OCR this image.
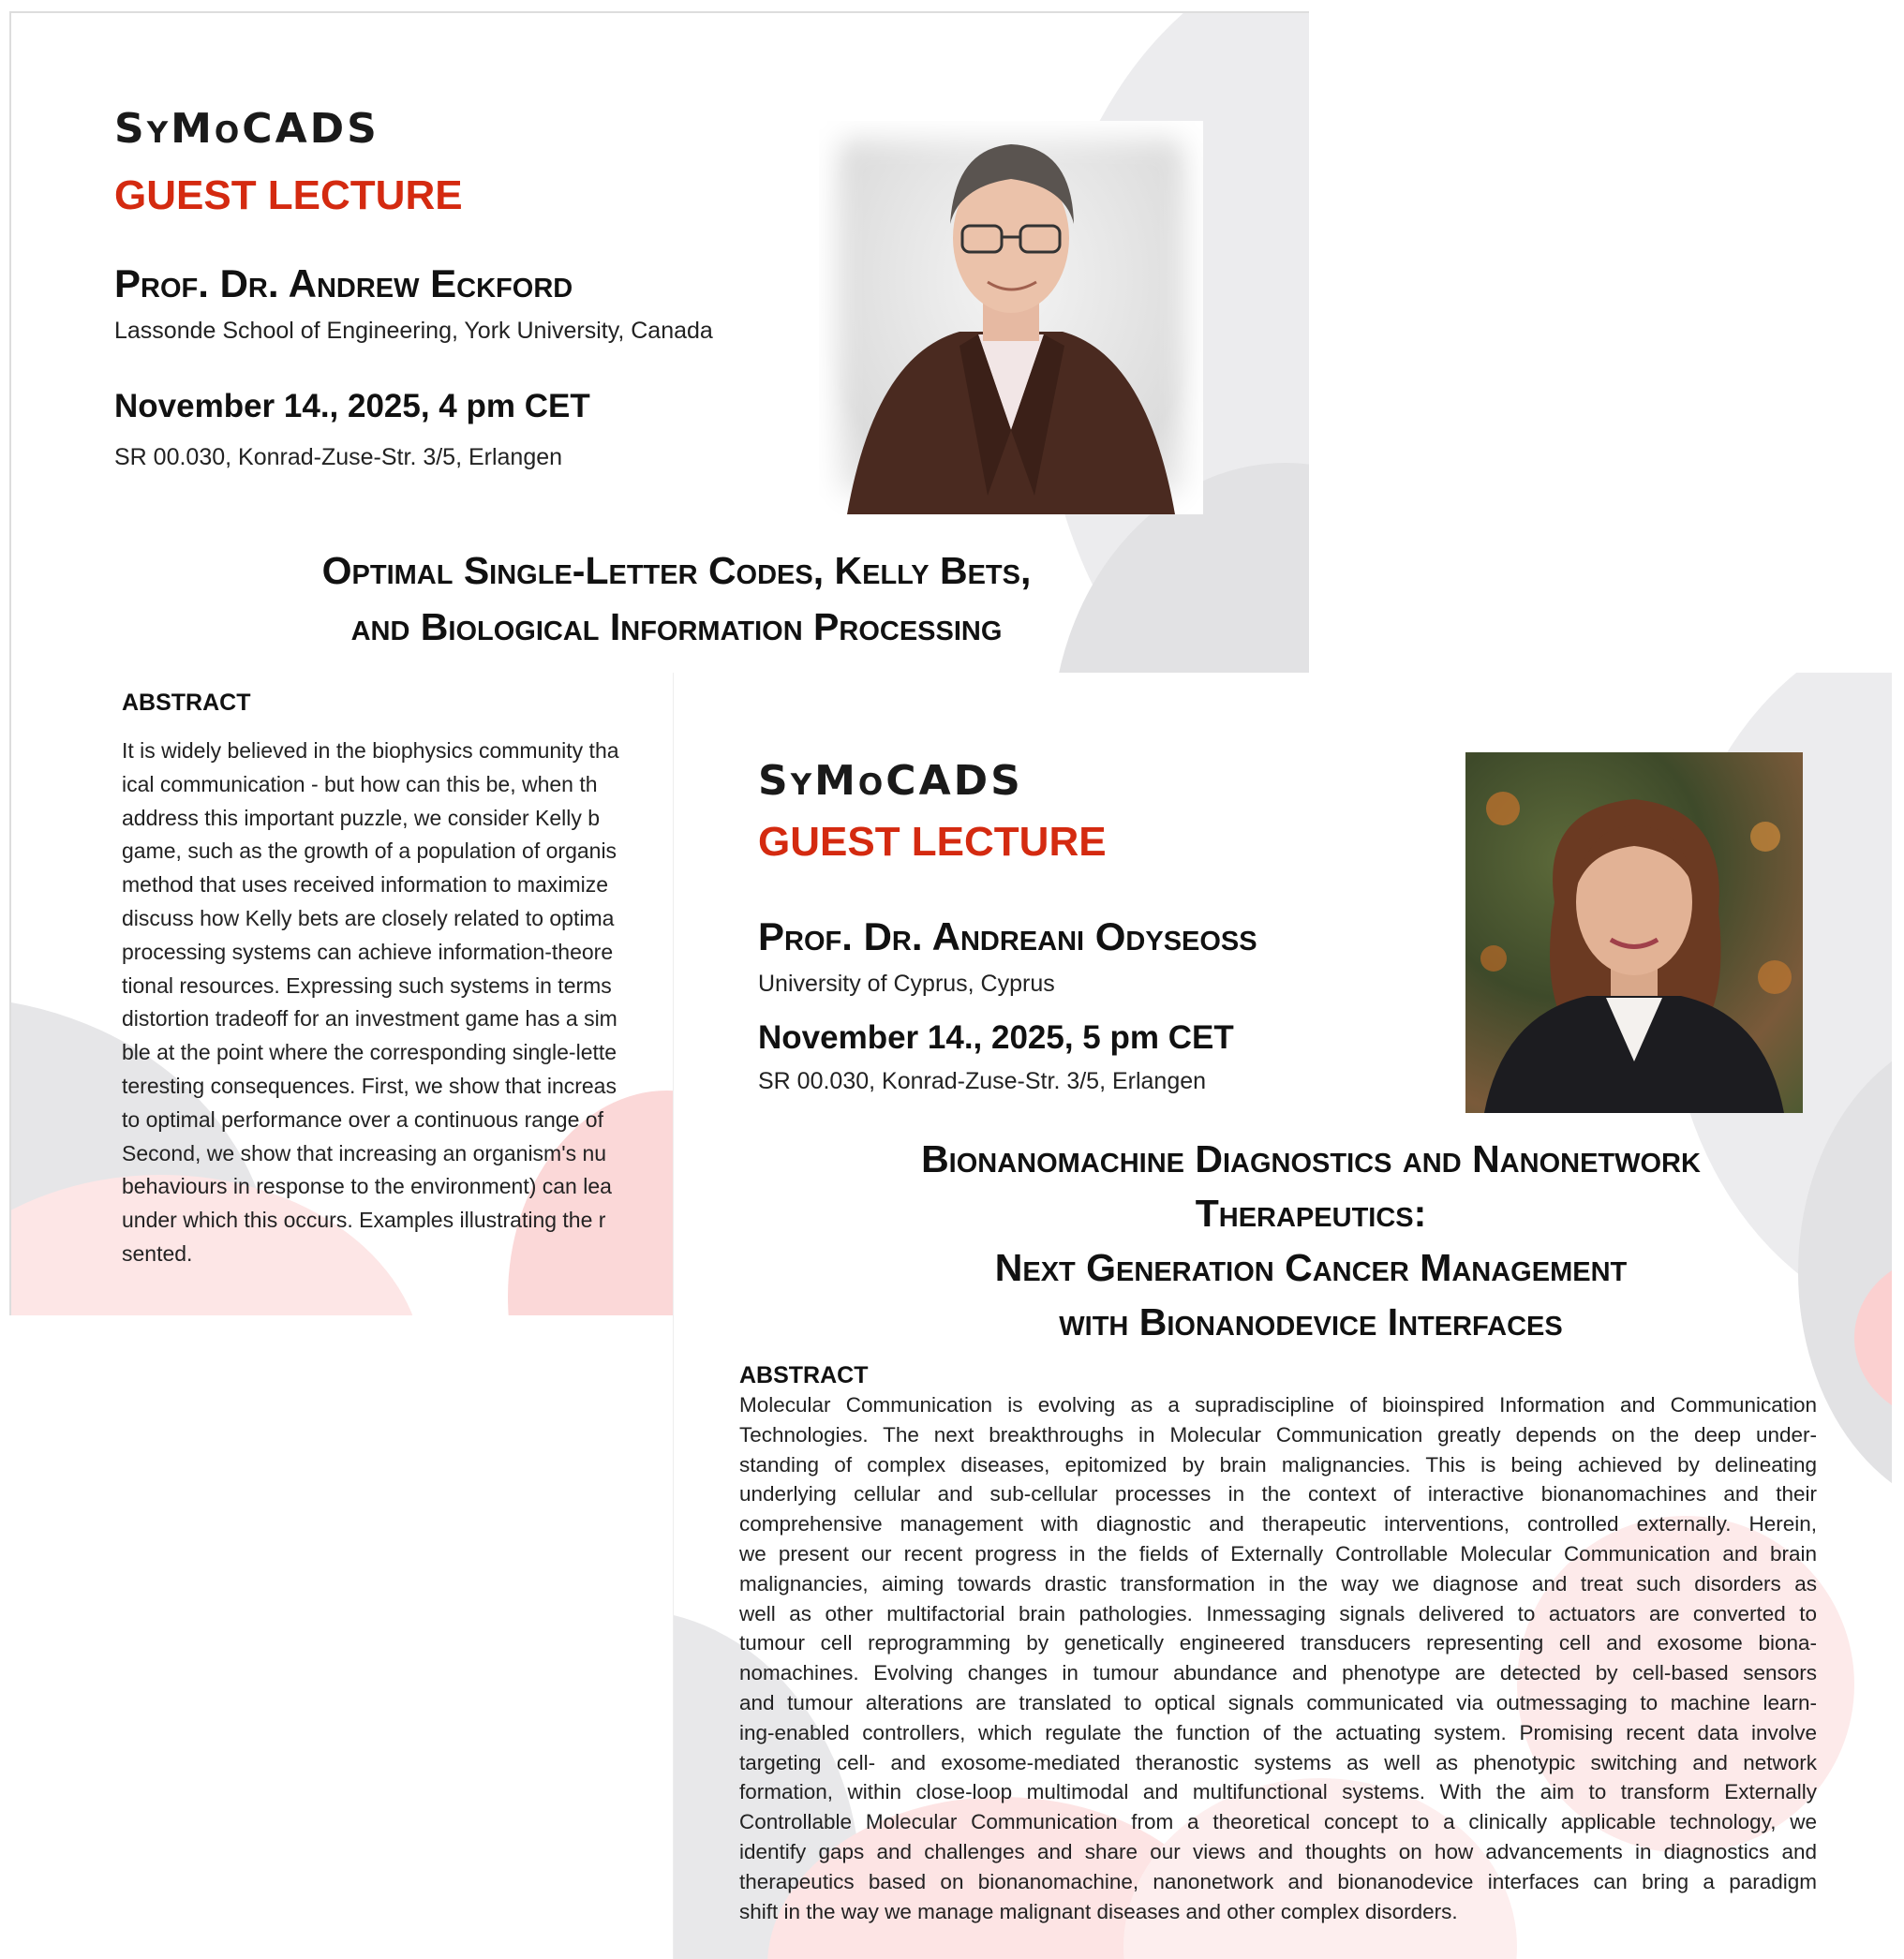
SyMoCADS
GUEST LECTURE
Prof. Dr. Andrew Eckford
Lassonde School of Engineering, York University, Canada
November 14., 2025, 4 pm CET
SR 00.030, Konrad-Zuse-Str. 3/5, Erlangen
Optimal Single-Letter Codes, Kelly Bets,
and Biological Information Processing
ABSTRACT
It is widely believed in the biophysics community tha
ical communication - but how can this be, when th
address this important puzzle, we consider Kelly b
game, such as the growth of a population of organis
method that uses received information to maximize
discuss how Kelly bets are closely related to optima
processing systems can achieve information-theore
tional resources. Expressing such systems in terms
distortion tradeoff for an investment game has a sim
ble at the point where the corresponding single-lette
teresting consequences. First, we show that increas
to optimal performance over a continuous range of
Second, we show that increasing an organism's nu
behaviours in response to the environment) can lea
under which this occurs. Examples illustrating the r
sented.
SyMoCADS
GUEST LECTURE
Prof. Dr. Andreani Odyseoss
University of Cyprus, Cyprus
November 14., 2025, 5 pm CET
SR 00.030, Konrad-Zuse-Str. 3/5, Erlangen
Bionanomachine Diagnostics and Nanonetwork
Therapeutics:
Next Generation Cancer Management
with Bionanodevice Interfaces
ABSTRACT
Molecular Communication is evolving as a supradiscipline of bioinspired Information and Communication
Technologies. The next breakthroughs in Molecular Communication greatly depends on the deep under-
standing of complex diseases, epitomized by brain malignancies. This is being achieved by delineating
underlying cellular and sub-cellular processes in the context of interactive bionanomachines and their
comprehensive management with diagnostic and therapeutic interventions, controlled externally. Herein,
we present our recent progress in the fields of Externally Controllable Molecular Communication and brain
malignancies, aiming towards drastic transformation in the way we diagnose and treat such disorders as
well as other multifactorial brain pathologies. Inmessaging signals delivered to actuators are converted to
tumour cell reprogramming by genetically engineered transducers representing cell and exosome biona-
nomachines. Evolving changes in tumour abundance and phenotype are detected by cell-based sensors
and tumour alterations are translated to optical signals communicated via outmessaging to machine learn-
ing-enabled controllers, which regulate the function of the actuating system. Promising recent data involve
targeting cell- and exosome-mediated theranostic systems as well as phenotypic switching and network
formation, within close-loop multimodal and multifunctional systems. With the aim to transform Externally
Controllable Molecular Communication from a theoretical concept to a clinically applicable technology, we
identify gaps and challenges and share our views and thoughts on how advancements in diagnostics and
therapeutics based on bionanomachine, nanonetwork and bionanodevice interfaces can bring a paradigm
shift in the way we manage malignant diseases and other complex disorders.
